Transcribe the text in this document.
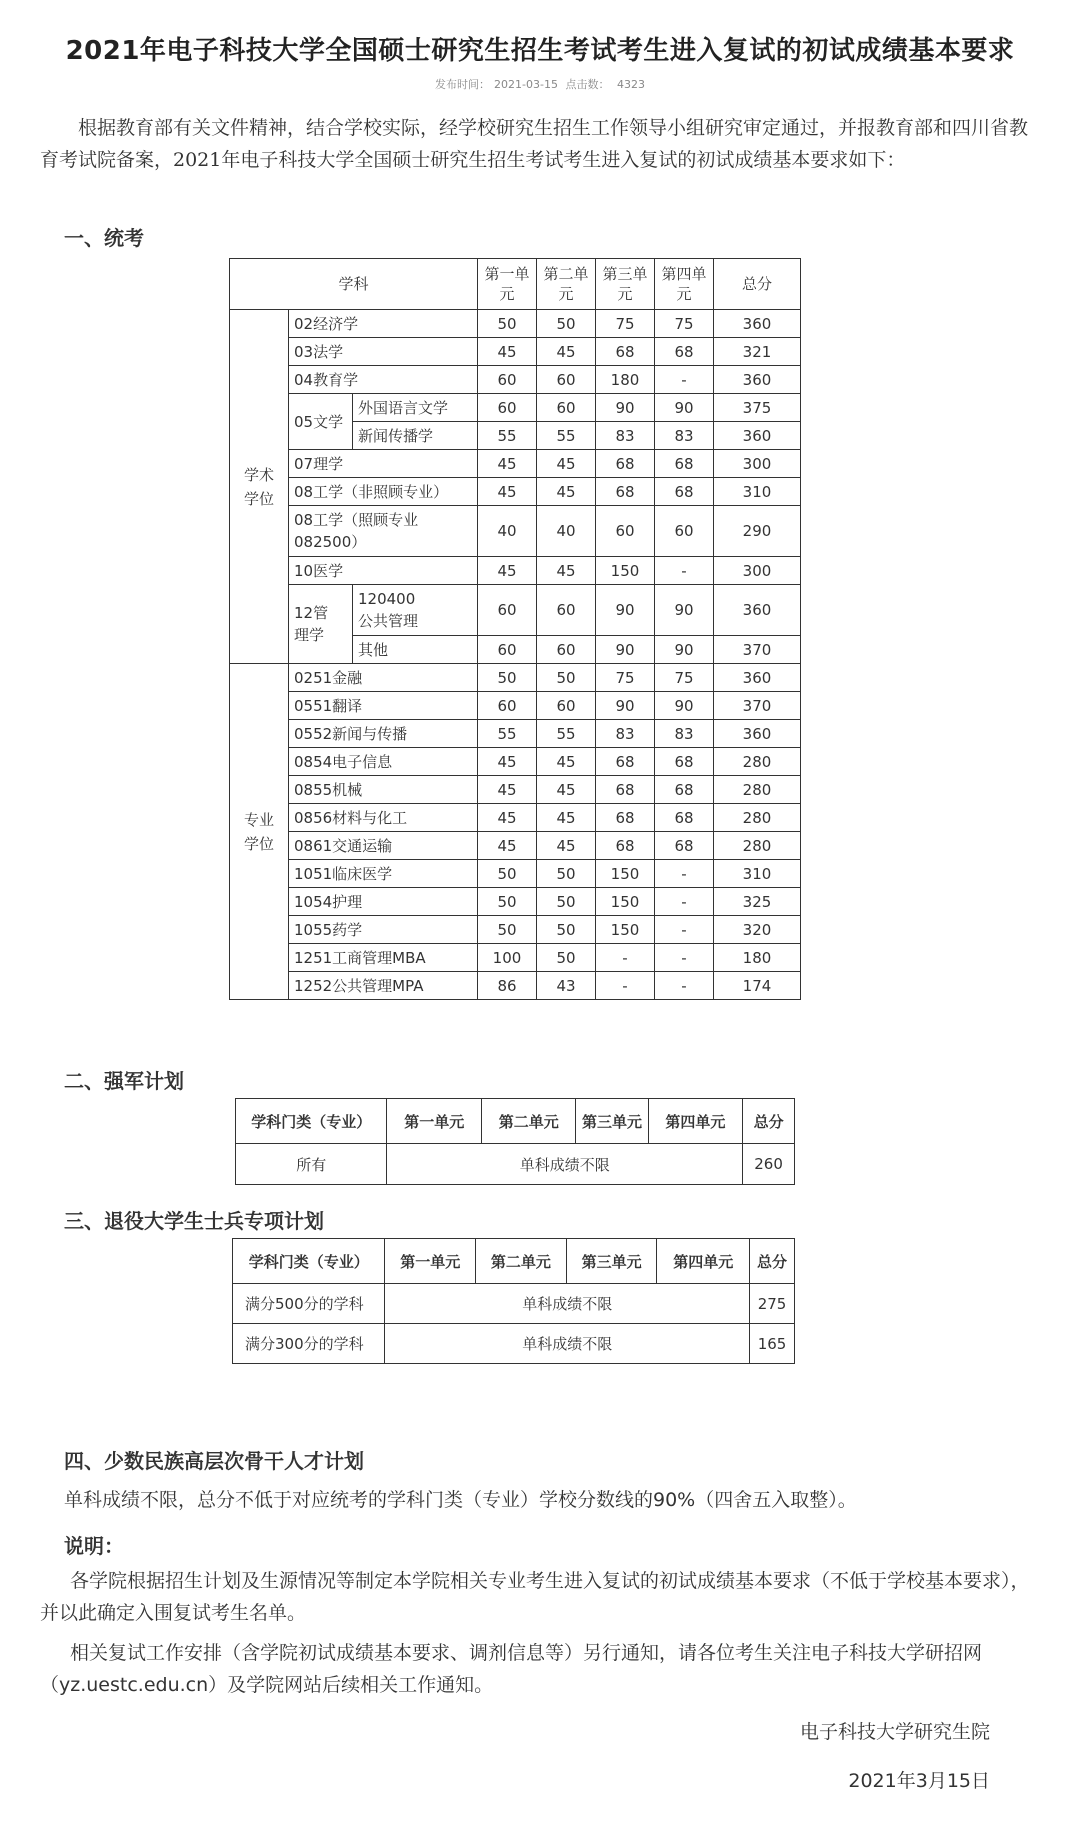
2021年电子科技大学全国硕士研究生招生考试考生进入复试的初试成绩基本要求
发布时间： 2021-03-15 点击数： 4323

根据教育部有关文件精神，结合学校实际，经学校研究生招生工作领导小组研究审定通过，并报教育部和四川省教育考试院备案，2021年电子科技大学全国硕士研究生招生考试考生进入复试的初试成绩基本要求如下：

一、统考

学科			第一单元	第二单元	第三单元	第四单元	总分

学术学位	02经济学		50	50	75	75	360
	03法学		45	45	68	68	321
	04教育学		60	60	180	-	360
	05文学	外国语言文学	60	60	90	90	375
		新闻传播学	55	55	83	83	360
	07理学		45	45	68	68	300
	08工学（非照顾专业）		45	45	68	68	310

	08工学（照顾专业082500）		40	40	60	60	290
	10医学		45	45	150	-	300

	12管理学	120400公共管理	60	60	90	90	360
		其他	60	60	90	90	370

专业学位	0251金融		50	50	75	75	360
	0551翻译		60	60	90	90	370
	0552新闻与传播		55	55	83	83	360
	0854电子信息		45	45	68	68	280
	0855机械		45	45	68	68	280
	0856材料与化工		45	45	68	68	280
	0861交通运输		45	45	68	68	280
	1051临床医学		50	50	150	-	310
	1054护理		50	50	150	-	325
	1055药学		50	50	150	-	320
	1251工商管理MBA		100	50	-	-	180
	1252公共管理MPA		86	43	-	-	174

二、强军计划

学科门类（专业）	第一单元	第二单元	第三单元	第四单元	总分
所有	单科成绩不限				260

三、退役大学生士兵专项计划

学科门类（专业）	第一单元	第二单元	第三单元	第四单元	总分
满分500分的学科	单科成绩不限				275
满分300分的学科	单科成绩不限				165

四、少数民族高层次骨干人才计划

单科成绩不限，总分不低于对应统考的学科门类（专业）学校分数线的90%（四舍五入取整）。

说明：

各学院根据招生计划及生源情况等制定本学院相关专业考生进入复试的初试成绩基本要求（不低于学校基本要求），并以此确定入围复试考生名单。

相关复试工作安排（含学院初试成绩基本要求、调剂信息等）另行通知，请各位考生关注电子科技大学研招网（yz.uestc.edu.cn）及学院网站后续相关工作通知。

电子科技大学研究生院

2021年3月15日
